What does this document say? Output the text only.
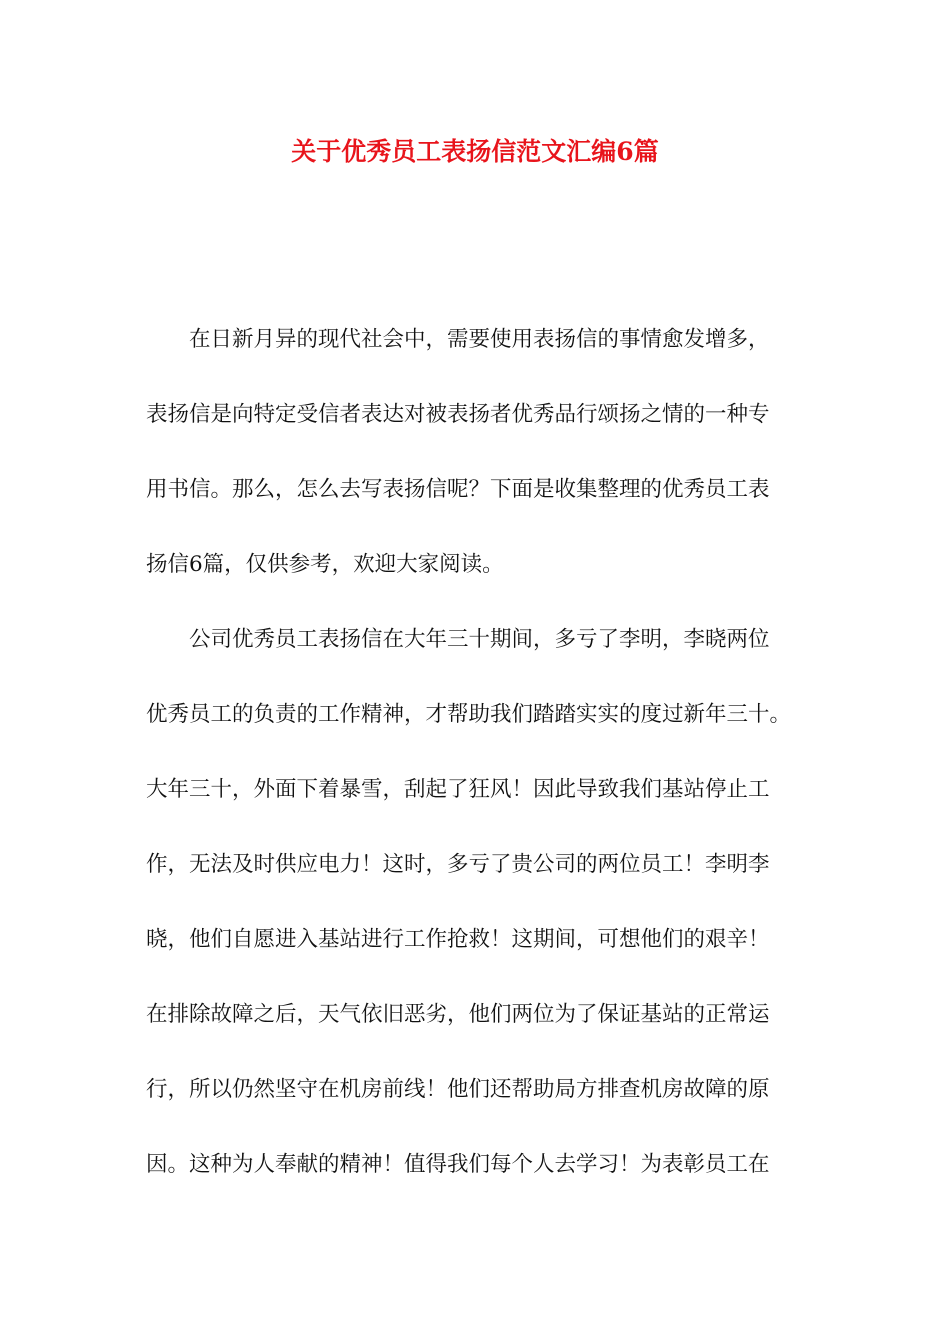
关于优秀员工表扬信范文汇编6篇

在日新月异的现代社会中，需要使用表扬信的事情愈发增多，

表扬信是向特定受信者表达对被表扬者优秀品行颂扬之情的一种专

用书信。那么，怎么去写表扬信呢？下面是收集整理的优秀员工表

扬信6篇，仅供参考，欢迎大家阅读。

公司优秀员工表扬信在大年三十期间，多亏了李明，李晓两位

优秀员工的负责的工作精神，才帮助我们踏踏实实的度过新年三十。

大年三十，外面下着暴雪，刮起了狂风！因此导致我们基站停止工

作，无法及时供应电力！这时，多亏了贵公司的两位员工！李明李

晓，他们自愿进入基站进行工作抢救！这期间，可想他们的艰辛！

在排除故障之后，天气依旧恶劣，他们两位为了保证基站的正常运

行，所以仍然坚守在机房前线！他们还帮助局方排查机房故障的原

因。这种为人奉献的精神！值得我们每个人去学习！为表彰员工在
